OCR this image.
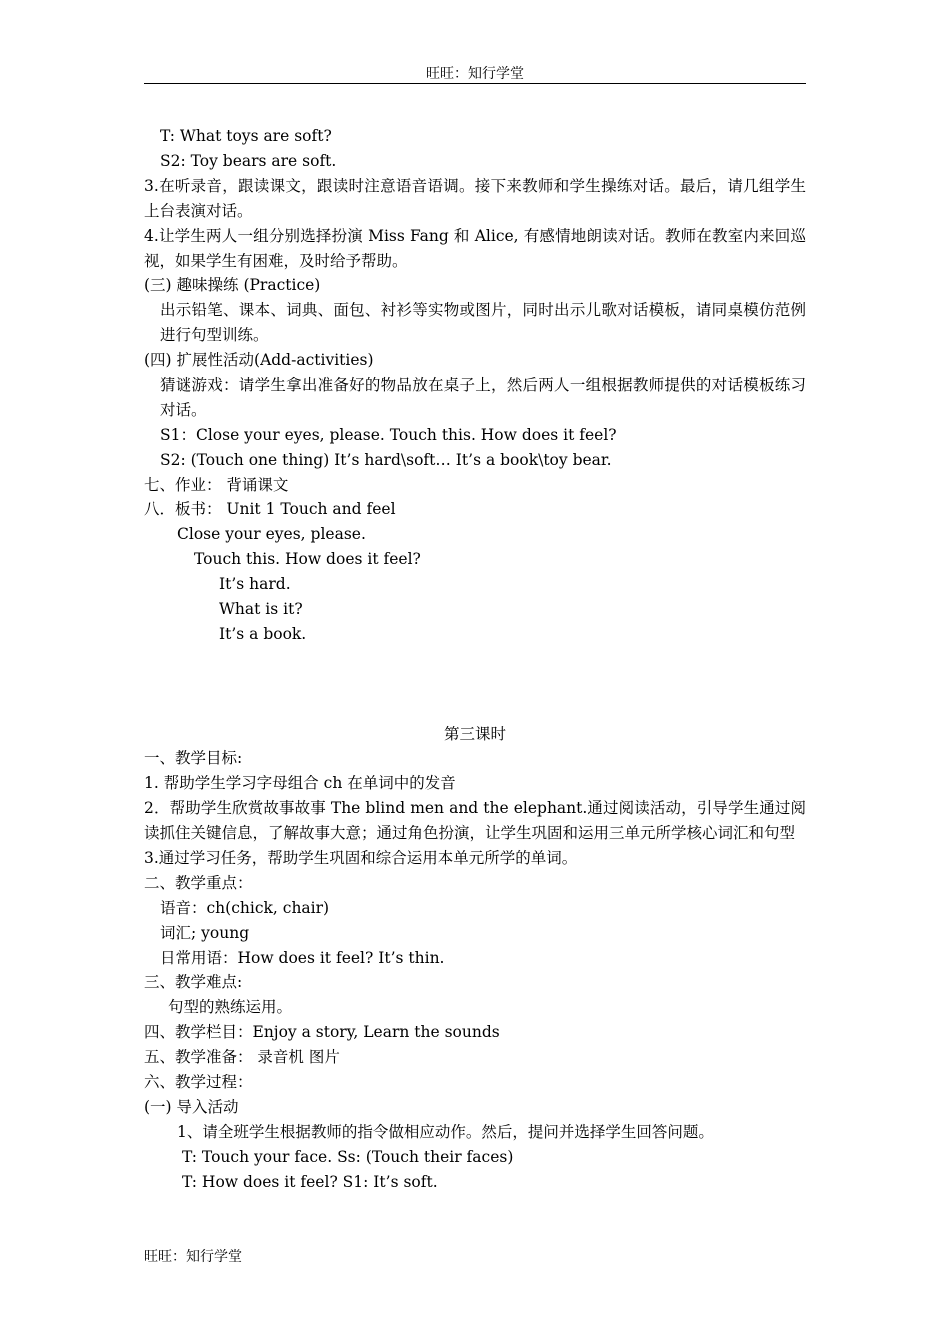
旺旺：知行学堂
T: What toys are soft?
S2: Toy bears are soft.
3.在听录音，跟读课文，跟读时注意语音语调。接下来教师和学生操练对话。最后，请几组学生上台表演对话。
4.让学生两人一组分别选择扮演 Miss Fang 和 Alice, 有感情地朗读对话。教师在教室内来回巡视，如果学生有困难，及时给予帮助。
(三) 趣味操练 (Practice)
出示铅笔、课本、词典、面包、衬衫等实物或图片，同时出示儿歌对话模板，请同桌模仿范例进行句型训练。
(四) 扩展性活动(Add-activities)
猜谜游戏：请学生拿出准备好的物品放在桌子上，然后两人一组根据教师提供的对话模板练习对话。
S1：Close your eyes, please. Touch this. How does it feel?
S2: (Touch one thing) It’s hard\soft… It’s a book\toy bear.
七、作业： 背诵课文
八．板书： Unit 1 Touch and feel
Close your eyes, please.
Touch this. How does it feel?
It’s hard.
What is it?
It’s a book.
第三课时
一、教学目标:
1. 帮助学生学习字母组合 ch 在单词中的发音
2．帮助学生欣赏故事故事 The blind men and the elephant.通过阅读活动，引导学生通过阅读抓住关键信息，了解故事大意；通过角色扮演，让学生巩固和运用三单元所学核心词汇和句型
3.通过学习任务，帮助学生巩固和综合运用本单元所学的单词。
二、教学重点：
语音：ch(chick, chair)
词汇; young
日常用语：How does it feel? It’s thin.
三、教学难点:
句型的熟练运用。
四、教学栏目：Enjoy a story, Learn the sounds
五、教学准备： 录音机 图片
六、教学过程：
(一) 导入活动
1、请全班学生根据教师的指令做相应动作。然后，提问并选择学生回答问题。
T: Touch your face. Ss: (Touch their faces)
T: How does it feel? S1: It’s soft.
旺旺：知行学堂
